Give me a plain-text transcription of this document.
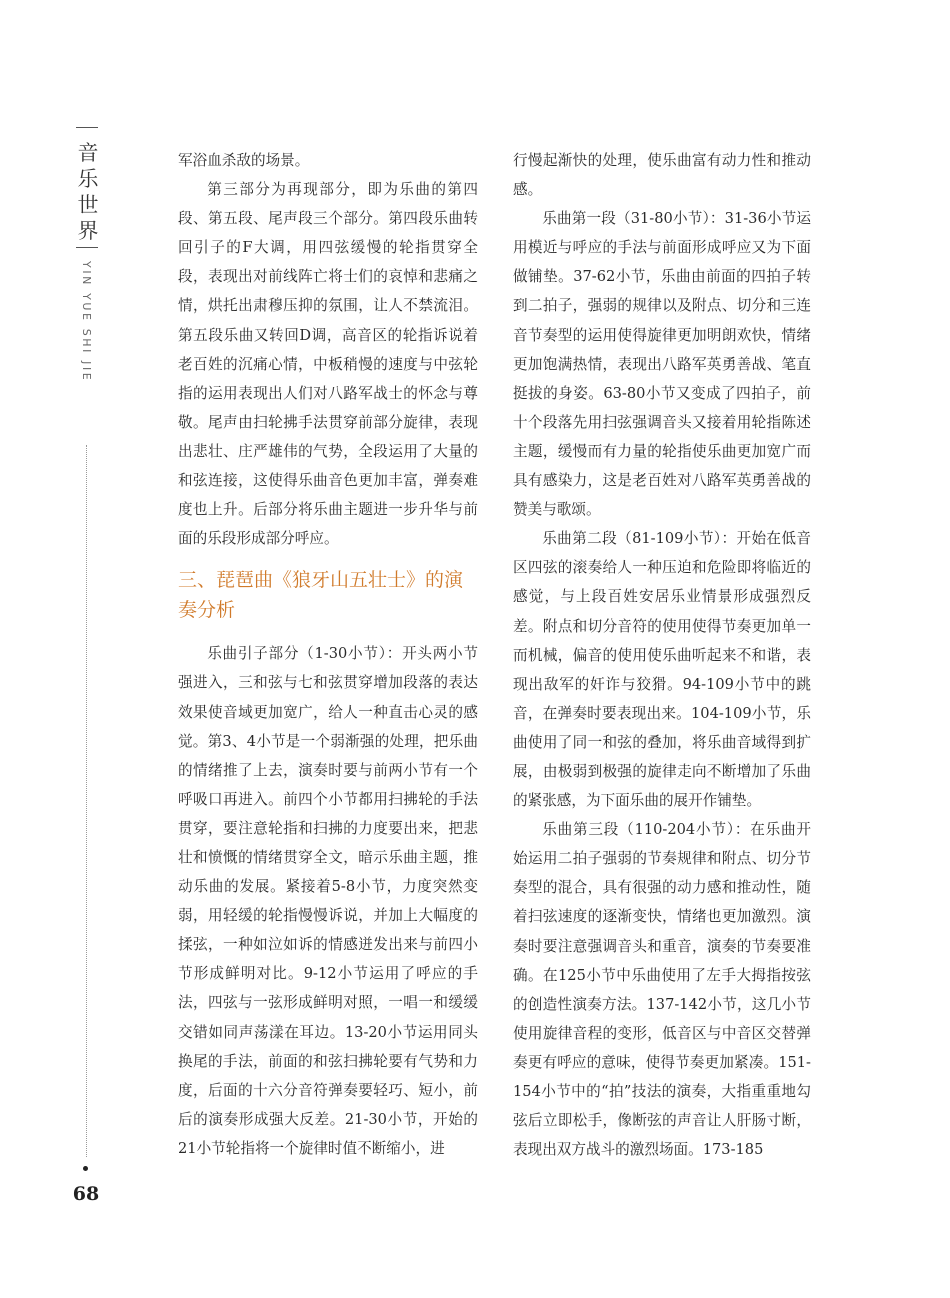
音
乐
世
界
YIN YUE SHI JIE
68

军浴血杀敌的场景。

第三部分为再现部分，即为乐曲的第四段、第五段、尾声段三个部分。第四段乐曲转回引子的F大调，用四弦缓慢的轮指贯穿全段，表现出对前线阵亡将士们的哀悼和悲痛之情，烘托出肃穆压抑的氛围，让人不禁流泪。第五段乐曲又转回D调，高音区的轮指诉说着老百姓的沉痛心情，中板稍慢的速度与中弦轮指的运用表现出人们对八路军战士的怀念与尊敬。尾声由扫轮拂手法贯穿前部分旋律，表现出悲壮、庄严雄伟的气势，全段运用了大量的和弦连接，这使得乐曲音色更加丰富，弹奏难度也上升。后部分将乐曲主题进一步升华与前面的乐段形成部分呼应。

三、琵琶曲《狼牙山五壮士》的演奏分析

乐曲引子部分（1-30小节）：开头两小节强进入，三和弦与七和弦贯穿增加段落的表达效果使音域更加宽广，给人一种直击心灵的感觉。第3、4小节是一个弱渐强的处理，把乐曲的情绪推了上去，演奏时要与前两小节有一个呼吸口再进入。前四个小节都用扫拂轮的手法贯穿，要注意轮指和扫拂的力度要出来，把悲壮和愤慨的情绪贯穿全文，暗示乐曲主题，推动乐曲的发展。紧接着5-8小节，力度突然变弱，用轻缓的轮指慢慢诉说，并加上大幅度的揉弦，一种如泣如诉的情感迸发出来与前四小节形成鲜明对比。9-12小节运用了呼应的手法，四弦与一弦形成鲜明对照，一唱一和缓缓交错如同声荡漾在耳边。13-20小节运用同头换尾的手法，前面的和弦扫拂轮要有气势和力度，后面的十六分音符弹奏要轻巧、短小，前后的演奏形成强大反差。21-30小节，开始的21小节轮指将一个旋律时值不断缩小，进

行慢起渐快的处理，使乐曲富有动力性和推动感。

乐曲第一段（31-80小节）：31-36小节运用模近与呼应的手法与前面形成呼应又为下面做铺垫。37-62小节，乐曲由前面的四拍子转到二拍子，强弱的规律以及附点、切分和三连音节奏型的运用使得旋律更加明朗欢快，情绪更加饱满热情，表现出八路军英勇善战、笔直挺拔的身姿。63-80小节又变成了四拍子，前十个段落先用扫弦强调音头又接着用轮指陈述主题，缓慢而有力量的轮指使乐曲更加宽广而具有感染力，这是老百姓对八路军英勇善战的赞美与歌颂。

乐曲第二段（81-109小节）：开始在低音区四弦的滚奏给人一种压迫和危险即将临近的感觉，与上段百姓安居乐业情景形成强烈反差。附点和切分音符的使用使得节奏更加单一而机械，偏音的使用使乐曲听起来不和谐，表现出敌军的奸诈与狡猾。94-109小节中的跳音，在弹奏时要表现出来。104-109小节，乐曲使用了同一和弦的叠加，将乐曲音域得到扩展，由极弱到极强的旋律走向不断增加了乐曲的紧张感，为下面乐曲的展开作铺垫。

乐曲第三段（110-204小节）：在乐曲开始运用二拍子强弱的节奏规律和附点、切分节奏型的混合，具有很强的动力感和推动性，随着扫弦速度的逐渐变快，情绪也更加激烈。演奏时要注意强调音头和重音，演奏的节奏要准确。在125小节中乐曲使用了左手大拇指按弦的创造性演奏方法。137-142小节，这几小节使用旋律音程的变形，低音区与中音区交替弹奏更有呼应的意味，使得节奏更加紧凑。151-154小节中的“拍”技法的演奏，大指重重地勾弦后立即松手，像断弦的声音让人肝肠寸断，表现出双方战斗的激烈场面。173-185
